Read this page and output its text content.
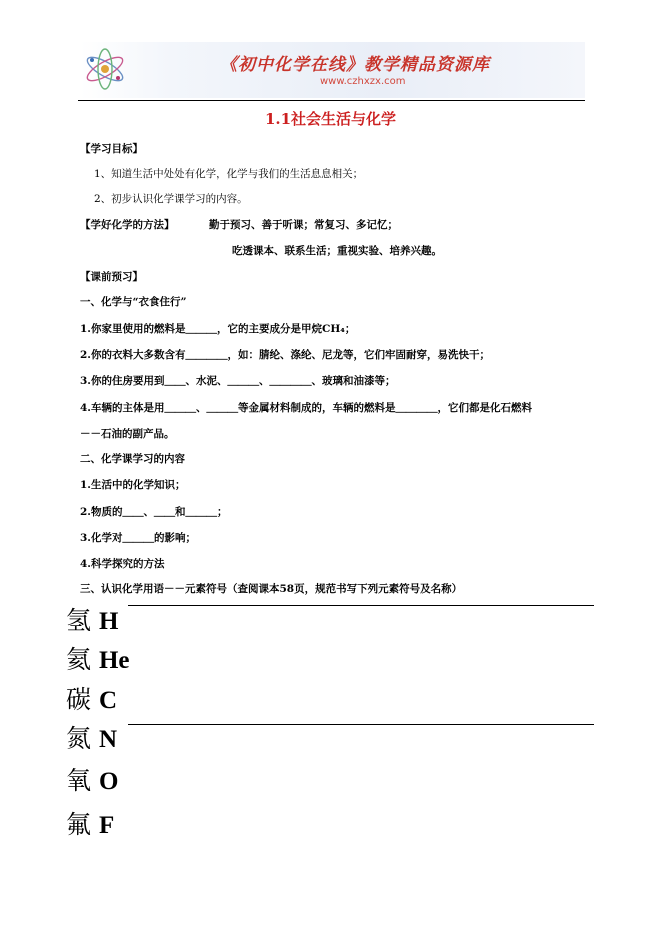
《初中化学在线》教学精品资源库
www.czhxzx.com
1.1社会生活与化学
【学习目标】
1、知道生活中处处有化学，化学与我们的生活息息相关；
2、初步认识化学课学习的内容。
【学好化学的方法】	勤于预习、善于听课；常复习、多记忆；
吃透课本、联系生活；重视实验、培养兴趣。
【课前预习】
一、化学与“衣食住行”
1.你家里使用的燃料是＿＿＿，它的主要成分是甲烷CH₄；
2.你的衣料大多数含有＿＿＿＿，如：腈纶、涤纶、尼龙等，它们牢固耐穿，易洗快干；
3.你的住房要用到＿＿、水泥、＿＿＿、＿＿＿＿、玻璃和油漆等；
4.车辆的主体是用＿＿＿、＿＿＿等金属材料制成的，车辆的燃料是＿＿＿＿，它们都是化石燃料
－－石油的副产品。
二、化学课学习的内容
1.生活中的化学知识；
2.物质的＿＿、＿＿和＿＿＿；
3.化学对＿＿＿的影响；
4.科学探究的方法
三、认识化学用语－－元素符号（查阅课本58页，规范书写下列元素符号及名称）
氢 H
氦 He
碳 C
氮 N
氧 O
氟 F
